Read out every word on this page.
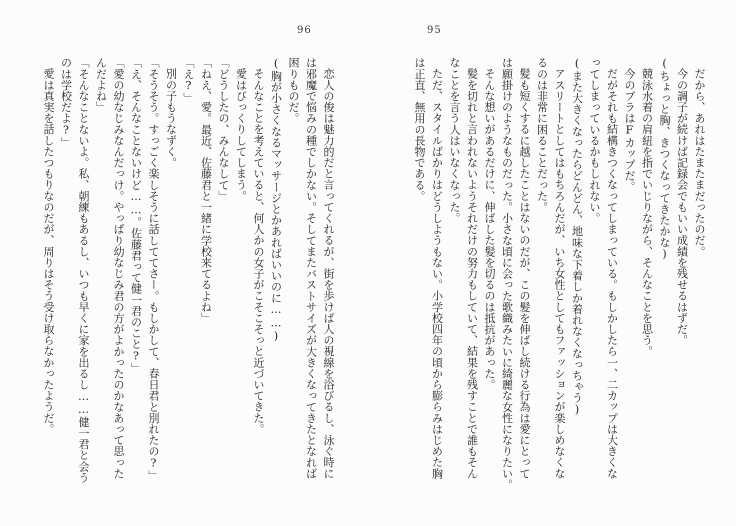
96
恋人の俊は魅力的だと言ってくれるが、街を歩けば人の視線を浴びるし、泳ぐ時に
は邪魔で悩みの種でしかない。そしてまたバストサイズが大きくなってきたとなれば
困りものだ。
(胸が小さくなるマッサージとかあればいいのに……)
そんなことを考えていると、何人かの女子がこそこそっと近づいてきた。
愛はびっくりしてしまう。
「どうしたの、みんなして」
「ねえ、愛。最近、佐藤君と一緒に学校来てるよね」
「え?」
別の子もうなずく。
「そうそう。すっごく楽しそうに話しててさー。もしかして、春日君と別れたの?」
「え、そんなことないけど……。佐藤君って健一君のこと?」
「愛の幼なじみなんだっけ。やっぱり幼なじみ君の方がよかったのかなあって思った
んだよね」
「そんなことないよ。私、朝練もあるし、いつも早くに家を出るし……健一君と会う
のは学校だよ?」
愛は真実を話したつもりなのだが、周りはそう受け取らなかったようだ。
95
だから、あれはたまたまだったのだ。
今の調子が続けば記録会でもいい成績を残せるはずだ。
(ちょっと胸、きつくなってきたかな)
競泳水着の肩紐を指でいじりながら、そんなことを思う。
今のブラはFカップだ。
だがそれも結構きつくなってしまっている。もしかしたら一、二カップは大きくな
ってしまっているかもしれない。
(また大きくなったらどんどん、地味な下着しか着れなくなっちゃう)
アスリートとしてはもちろんだが、いち女性としてもファッションが楽しめなくな
るのは非常に困ることだった。
髪も短くするに越したことはないのだが、この髪を伸ばし続ける行為は愛にとって
は願掛けのようなものだった。小さな頃に会った歌織みたいに綺麗な女性になりたい。
そんな想いがあるだけに、伸ばした髪を切るのは抵抗があった。
髪を切れと言われないようそれだけの努力もしていて、結果を残すことで誰もそん
なことを言う人はいなくなった。
ただ、スタイルばかりはどうしようもない。小学校四年の頃から膨らみはじめた胸
は正直、無用の長物である。
